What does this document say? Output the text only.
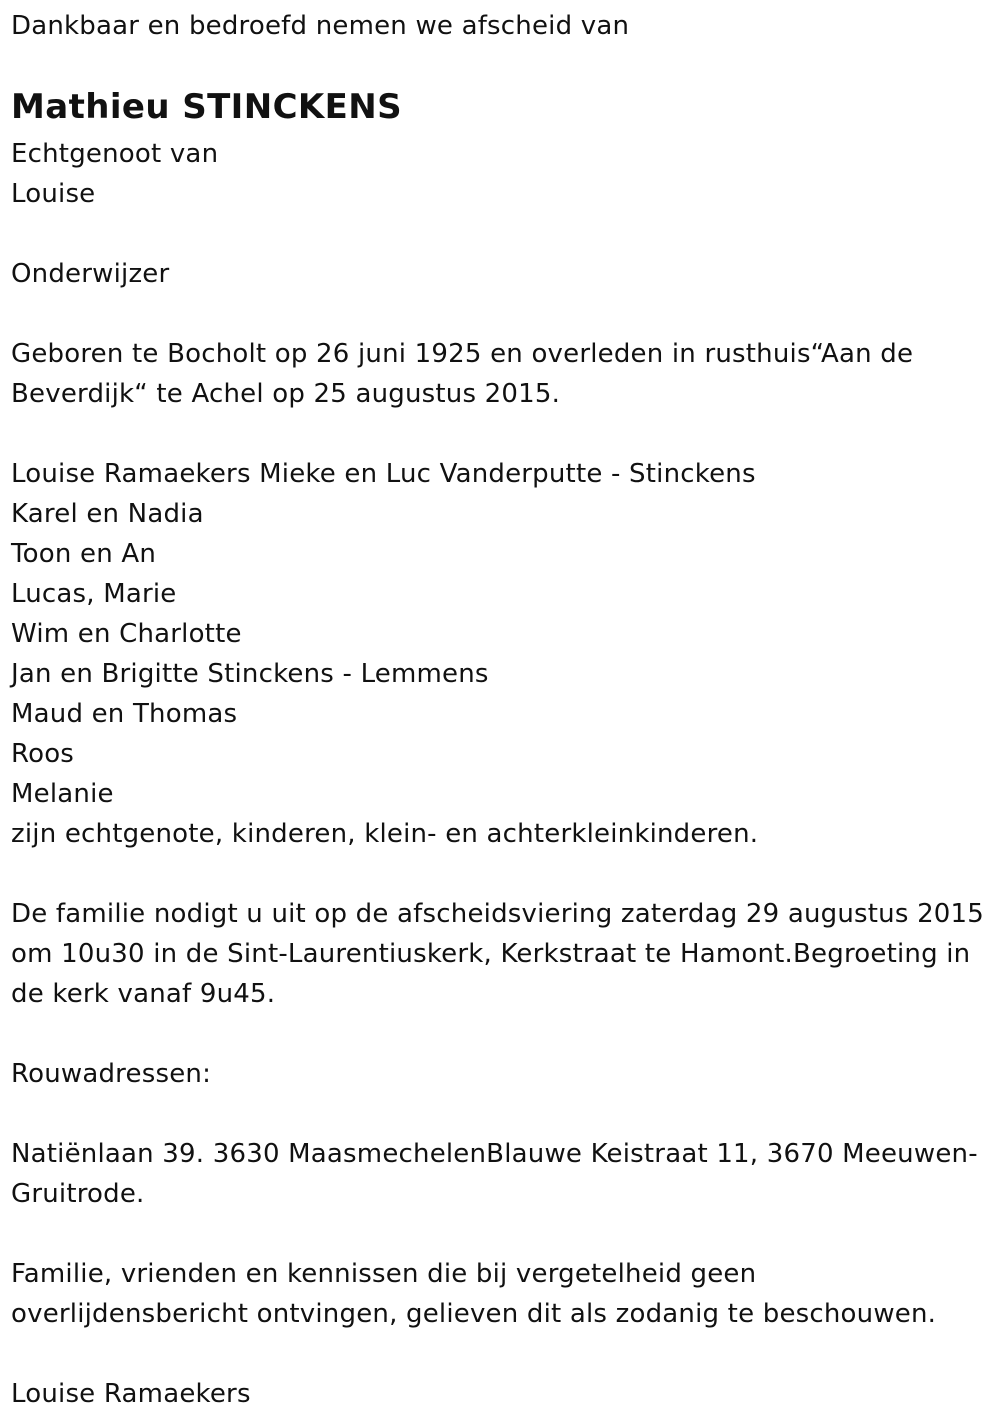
Dankbaar en bedroefd nemen we afscheid van
Mathieu STINCKENS
Echtgenoot van
Louise
Onderwijzer
Geboren te Bocholt op 26 juni 1925 en overleden in rusthuis“Aan de
Beverdijk“ te Achel op 25 augustus 2015.
Louise Ramaekers Mieke en Luc Vanderputte - Stinckens
Karel en Nadia
Toon en An
Lucas, Marie
Wim en Charlotte
Jan en Brigitte Stinckens - Lemmens
Maud en Thomas
Roos
Melanie
zijn echtgenote, kinderen, klein- en achterkleinkinderen.
De familie nodigt u uit op de afscheidsviering zaterdag 29 augustus 2015
om 10u30 in de Sint-Laurentiuskerk, Kerkstraat te Hamont.Begroeting in
de kerk vanaf 9u45.
Rouwadressen:
Natiënlaan 39. 3630 MaasmechelenBlauwe Keistraat 11, 3670 Meeuwen-
Gruitrode.
Familie, vrienden en kennissen die bij vergetelheid geen
overlijdensbericht ontvingen, gelieven dit als zodanig te beschouwen.
Louise Ramaekers
